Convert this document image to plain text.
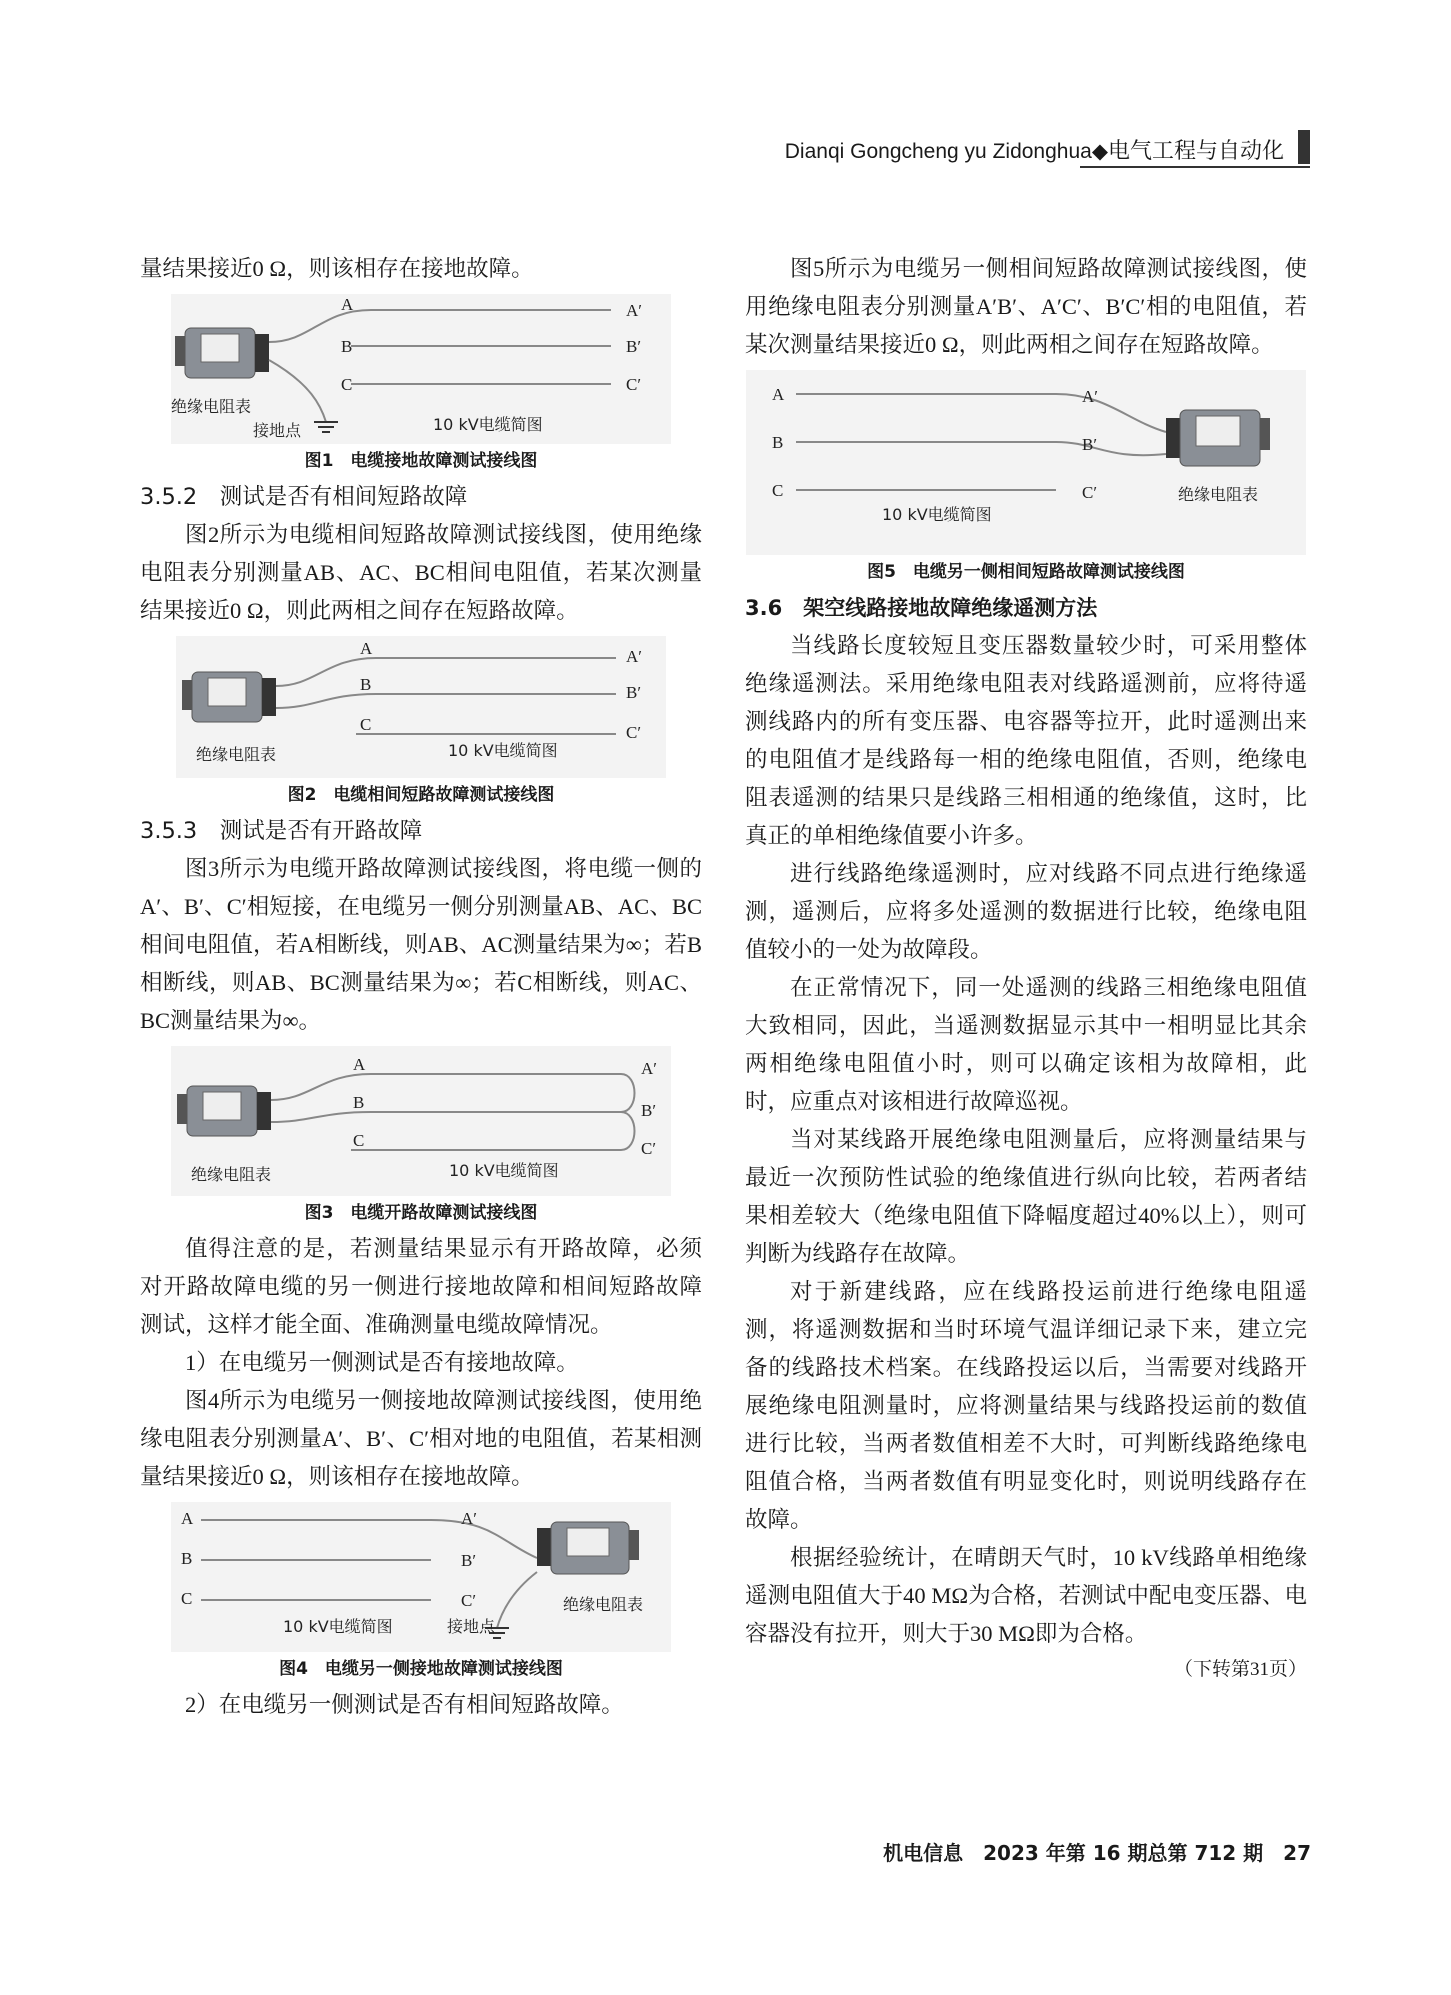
Dianqi Gongcheng yu Zidonghua◆电气工程与自动化

量结果接近0 Ω，则该相存在接地故障。

A
B
C
A′
B′
C′
绝缘电阻表
接地点	10 kV电缆简图

图1　电缆接地故障测试接线图

3.5.2　测试是否有相间短路故障

图2所示为电缆相间短路故障测试接线图，使用绝缘电阻表分别测量AB、AC、BC相间电阻值，若某次测量结果接近0 Ω，则此两相之间存在短路故障。

A
B
C
A′
B′
C′
绝缘电阻表	10 kV电缆简图

图2　电缆相间短路故障测试接线图

3.5.3　测试是否有开路故障

图3所示为电缆开路故障测试接线图，将电缆一侧的A′、B′、C′相短接，在电缆另一侧分别测量AB、AC、BC相间电阻值，若A相断线，则AB、AC测量结果为∞；若B相断线，则AB、BC测量结果为∞；若C相断线，则AC、BC测量结果为∞。

A
B
C
A′
B′
C′
绝缘电阻表	10 kV电缆简图

图3　电缆开路故障测试接线图

值得注意的是，若测量结果显示有开路故障，必须对开路故障电缆的另一侧进行接地故障和相间短路故障测试，这样才能全面、准确测量电缆故障情况。

1）在电缆另一侧测试是否有接地故障。

图4所示为电缆另一侧接地故障测试接线图，使用绝缘电阻表分别测量A′、B′、C′相对地的电阻值，若某相测量结果接近0 Ω，则该相存在接地故障。

A
B
C
A′
B′
C′	绝缘电阻表
接地点
10 kV电缆简图

图4　电缆另一侧接地故障测试接线图

2）在电缆另一侧测试是否有相间短路故障。

图5所示为电缆另一侧相间短路故障测试接线图，使用绝缘电阻表分别测量A′B′、A′C′、B′C′相的电阻值，若某次测量结果接近0 Ω，则此两相之间存在短路故障。

A
B
C
A′
B′
C′	绝缘电阻表
10 kV电缆简图

图5　电缆另一侧相间短路故障测试接线图

3.6　架空线路接地故障绝缘遥测方法

当线路长度较短且变压器数量较少时，可采用整体绝缘遥测法。采用绝缘电阻表对线路遥测前，应将待遥测线路内的所有变压器、电容器等拉开，此时遥测出来的电阻值才是线路每一相的绝缘电阻值，否则，绝缘电阻表遥测的结果只是线路三相相通的绝缘值，这时，比真正的单相绝缘值要小许多。

进行线路绝缘遥测时，应对线路不同点进行绝缘遥测，遥测后，应将多处遥测的数据进行比较，绝缘电阻值较小的一处为故障段。

在正常情况下，同一处遥测的线路三相绝缘电阻值大致相同，因此，当遥测数据显示其中一相明显比其余两相绝缘电阻值小时，则可以确定该相为故障相，此时，应重点对该相进行故障巡视。

当对某线路开展绝缘电阻测量后，应将测量结果与最近一次预防性试验的绝缘值进行纵向比较，若两者结果相差较大（绝缘电阻值下降幅度超过40%以上），则可判断为线路存在故障。

对于新建线路，应在线路投运前进行绝缘电阻遥测，将遥测数据和当时环境气温详细记录下来，建立完备的线路技术档案。在线路投运以后，当需要对线路开展绝缘电阻测量时，应将测量结果与线路投运前的数值进行比较，当两者数值相差不大时，可判断线路绝缘电阻值合格，当两者数值有明显变化时，则说明线路存在故障。

根据经验统计，在晴朗天气时，10 kV线路单相绝缘遥测电阻值大于40 MΩ为合格，若测试中配电变压器、电容器没有拉开，则大于30 MΩ即为合格。

（下转第31页）

机电信息　2023 年第 16 期总第 712 期　27
